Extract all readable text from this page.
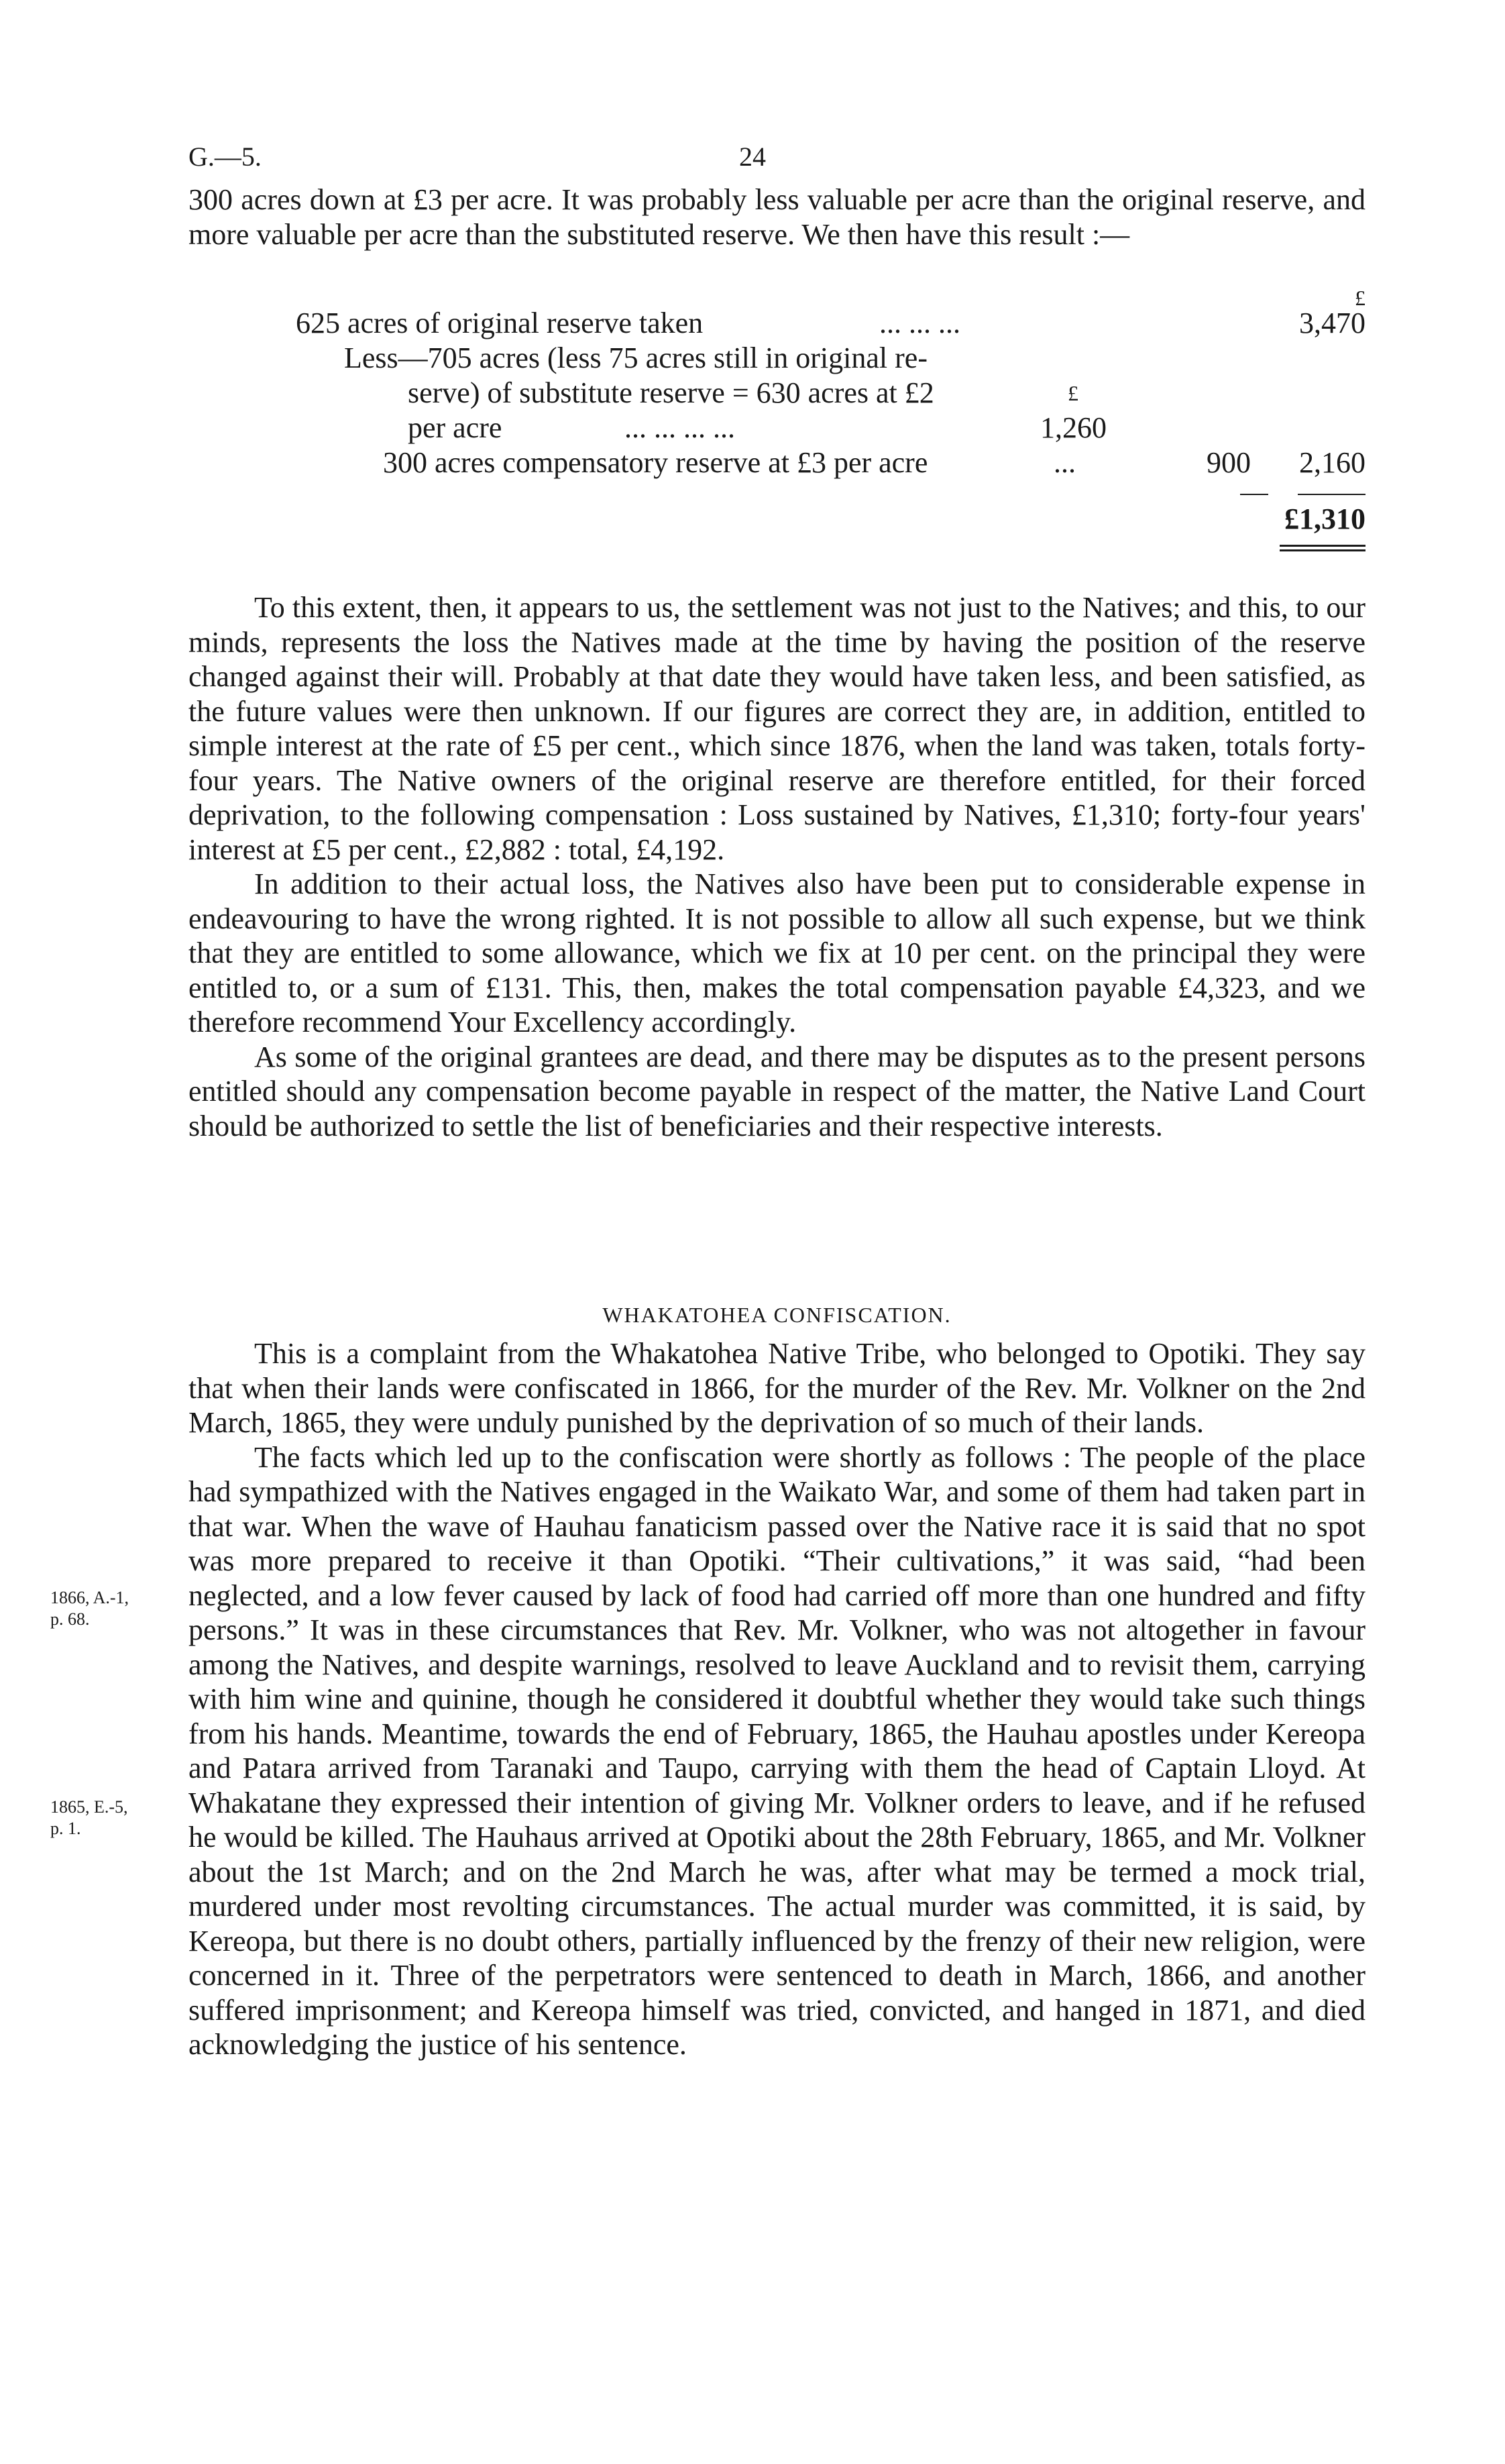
G.—5.	24

300 acres down at £3 per acre. It was probably less valuable per acre than the original reserve, and more valuable per acre than the substituted reserve. We then have this result :—

£
625 acres of original reserve taken	... ... ...	3,470
Less—705 acres (less 75 acres still in original re-
serve) of substitute reserve = 630 acres at £2	£
per acre	... ... ... ...	1,260
300 acres compensatory reserve at £3 per acre	...	900 2,160
£1,310

To this extent, then, it appears to us, the settlement was not just to the Natives; and this, to our minds, represents the loss the Natives made at the time by having the position of the reserve changed against their will. Probably at that date they would have taken less, and been satisfied, as the future values were then unknown. If our figures are correct they are, in addition, entitled to simple interest at the rate of £5 per cent., which since 1876, when the land was taken, totals forty-four years. The Native owners of the original reserve are therefore entitled, for their forced deprivation, to the following compensation : Loss sustained by Natives, £1,310; forty-four years' interest at £5 per cent., £2,882 : total, £4,192.

In addition to their actual loss, the Natives also have been put to considerable expense in endeavouring to have the wrong righted. It is not possible to allow all such expense, but we think that they are entitled to some allowance, which we fix at 10 per cent. on the principal they were entitled to, or a sum of £131. This, then, makes the total compensation payable £4,323, and we therefore recommend Your Excellency accordingly.

As some of the original grantees are dead, and there may be disputes as to the present persons entitled should any compensation become payable in respect of the matter, the Native Land Court should be authorized to settle the list of beneficiaries and their respective interests.

WHAKATOHEA CONFISCATION.

This is a complaint from the Whakatohea Native Tribe, who belonged to Opotiki. They say that when their lands were confiscated in 1866, for the murder of the Rev. Mr. Volkner on the 2nd March, 1865, they were unduly punished by the deprivation of so much of their lands.

The facts which led up to the confiscation were shortly as follows : The people of the place had sympathized with the Natives engaged in the Waikato War, and some of them had taken part in that war. When the wave of Hauhau fanaticism passed over the Native race it is said that no spot was more prepared to receive it than Opotiki. “Their cultivations,” it was said, “had been neglected, and a low fever caused by lack of food had carried off more than one hundred and fifty persons.” It was in these circumstances that Rev. Mr. Volkner, who was not altogether in favour among the Natives, and despite warnings, resolved to leave Auckland and to revisit them, carrying with him wine and quinine, though he considered it doubtful whether they would take such things from his hands. Meantime, towards the end of February, 1865, the Hauhau apostles under Kereopa and Patara arrived from Taranaki and Taupo, carrying with them the head of Captain Lloyd. At Whakatane they expressed their intention of giving Mr. Volkner orders to leave, and if he refused he would be killed. The Hauhaus arrived at Opotiki about the 28th February, 1865, and Mr. Volkner about the 1st March; and on the 2nd March he was, after what may be termed a mock trial, murdered under most revolting circumstances. The actual murder was committed, it is said, by Kereopa, but there is no doubt others, partially influenced by the frenzy of their new religion, were concerned in it. Three of the perpetrators were sentenced to death in March, 1866, and another suffered imprisonment; and Kereopa himself was tried, convicted, and hanged in 1871, and died acknowledging the justice of his sentence.

1866, A.-1,
p. 68.
1865, E.-5,
p. 1.
